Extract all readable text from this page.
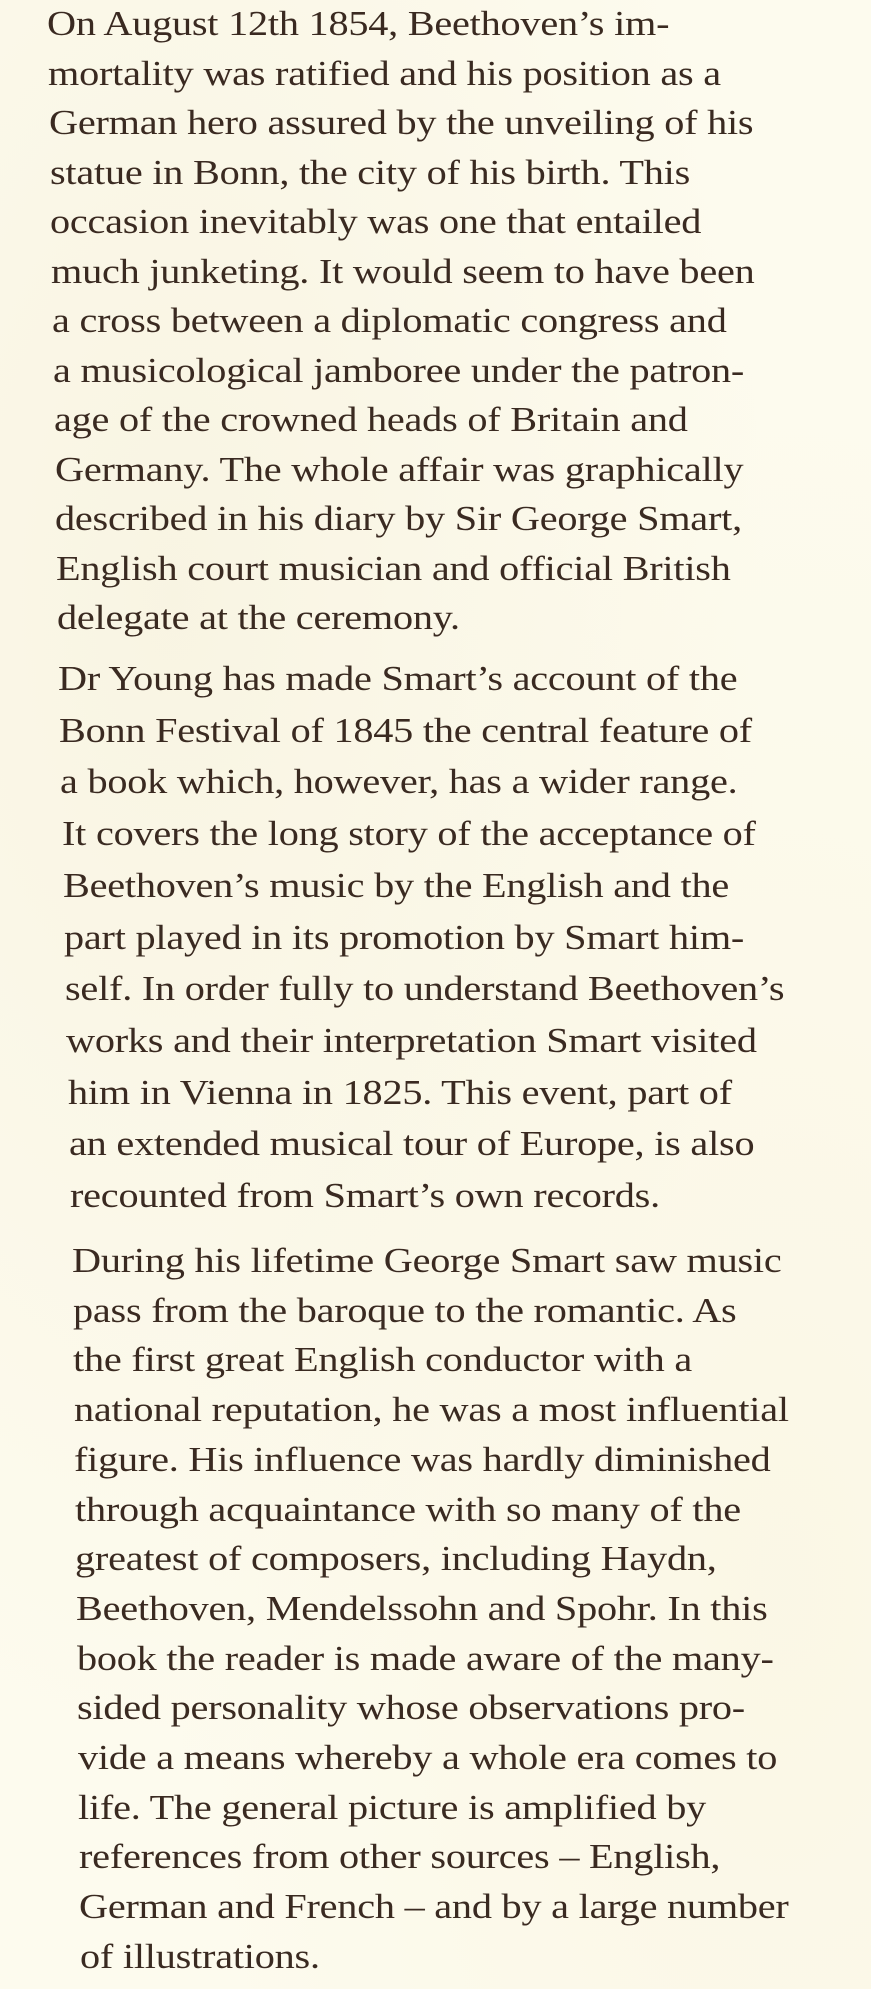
On August 12th 1854, Beethoven’s im-
mortality was ratified and his position as a
German hero assured by the unveiling of his
statue in Bonn, the city of his birth. This
occasion inevitably was one that entailed
much junketing. It would seem to have been
a cross between a diplomatic congress and
a musicological jamboree under the patron-
age of the crowned heads of Britain and
Germany. The whole affair was graphically
described in his diary by Sir George Smart,
English court musician and official British
delegate at the ceremony.
Dr Young has made Smart’s account of the
Bonn Festival of 1845 the central feature of
a book which, however, has a wider range.
It covers the long story of the acceptance of
Beethoven’s music by the English and the
part played in its promotion by Smart him-
self. In order fully to understand Beethoven’s
works and their interpretation Smart visited
him in Vienna in 1825. This event, part of
an extended musical tour of Europe, is also
recounted from Smart’s own records.
During his lifetime George Smart saw music
pass from the baroque to the romantic. As
the first great English conductor with a
national reputation, he was a most influential
figure. His influence was hardly diminished
through acquaintance with so many of the
greatest of composers, including Haydn,
Beethoven, Mendelssohn and Spohr. In this
book the reader is made aware of the many-
sided personality whose observations pro-
vide a means whereby a whole era comes to
life. The general picture is amplified by
references from other sources – English,
German and French – and by a large number
of illustrations.
